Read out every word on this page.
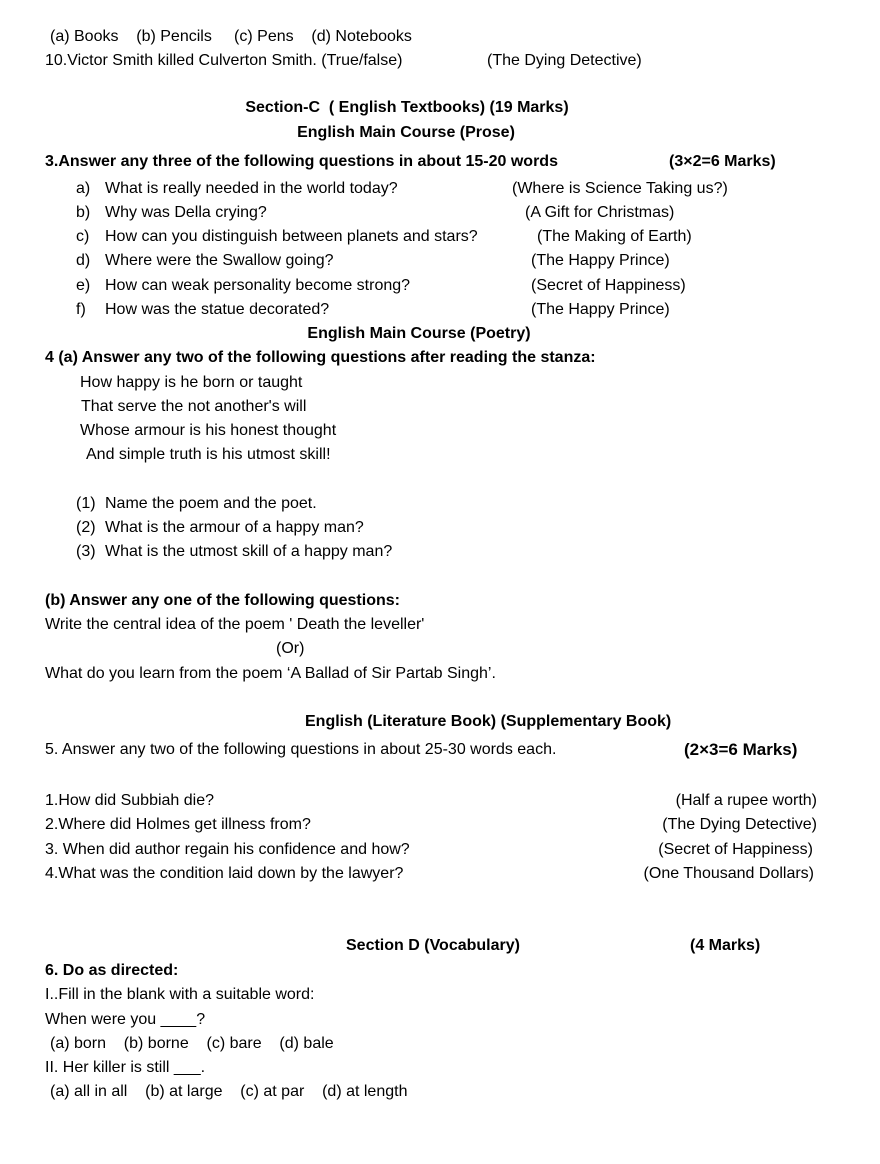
(a) Books    (b) Pencils     (c) Pens    (d) Notebooks
10.Victor Smith killed Culverton Smith. (True/false)	(The Dying Detective)
Section-C  ( English Textbooks) (19 Marks)
English Main Course (Prose)
3.Answer any three of the following questions in about 15-20 words	(3×2=6 Marks)
a) What is really needed in the world today?	(Where is Science Taking us?)
b) Why was Della crying?	(A Gift for Christmas)
c) How can you distinguish between planets and stars?	(The Making of Earth)
d) Where were the Swallow going?	(The Happy Prince)
e) How can weak personality become strong?	(Secret of Happiness)
f) How was the statue decorated?	(The Happy Prince)
English Main Course (Poetry)
4 (a) Answer any two of the following questions after reading the stanza:
How happy is he born or taught
That serve the not another's will
Whose armour is his honest thought
And simple truth is his utmost skill!
(1) Name the poem and the poet.
(2) What is the armour of a happy man?
(3) What is the utmost skill of a happy man?
(b) Answer any one of the following questions:
Write the central idea of the poem ' Death the leveller'
(Or)
What do you learn from the poem ‘A Ballad of Sir Partab Singh’.
English (Literature Book) (Supplementary Book)
5. Answer any two of the following questions in about 25-30 words each.	(2×3=6 Marks)
1.How did Subbiah die?	(Half a rupee worth)
2.Where did Holmes get illness from?	(The Dying Detective)
3. When did author regain his confidence and how?	(Secret of Happiness)
4.What was the condition laid down by the lawyer?	(One Thousand Dollars)
Section D (Vocabulary)	(4 Marks)
6. Do as directed:
I..Fill in the blank with a suitable word:
When were you ____?
(a) born    (b) borne    (c) bare    (d) bale
II. Her killer is still ___.
(a) all in all    (b) at large    (c) at par    (d) at length
